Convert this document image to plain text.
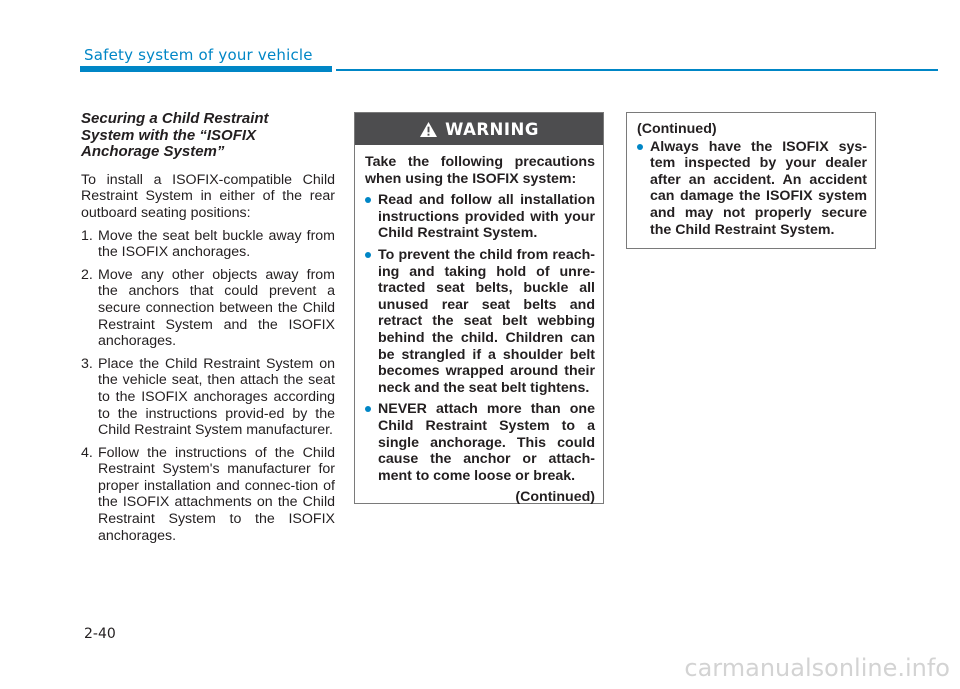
Safety system of your vehicle
Securing a Child Restraint System with the “ISOFIX Anchorage System”

To install a ISOFIX-compatible Child Restraint System in either of the rear outboard seating positions:

1. Move the seat belt buckle away from the ISOFIX anchorages.
2. Move any other objects away from the anchors that could prevent a secure connection between the Child Restraint System and the ISOFIX anchorages.
3. Place the Child Restraint System on the vehicle seat, then attach the seat to the ISOFIX anchorages according to the instructions provid-ed by the Child Restraint System manufacturer.
4. Follow the instructions of the Child Restraint System's manufacturer for proper installation and connec-tion of the ISOFIX attachments on the Child Restraint System to the ISOFIX anchorages.
WARNING

Take the following precautions when using the ISOFIX system:

Read and follow all installation instructions provided with your Child Restraint System.
To prevent the child from reach-ing and taking hold of unre-tracted seat belts, buckle all unused rear seat belts and retract the seat belt webbing behind the child. Children can be strangled if a shoulder belt becomes wrapped around their neck and the seat belt tightens.
NEVER attach more than one Child Restraint System to a single anchorage. This could cause the anchor or attach-ment to come loose or break.
(Continued)
(Continued)
Always have the ISOFIX sys-tem inspected by your dealer after an accident. An accident can damage the ISOFIX system and may not properly secure the Child Restraint System.
2-40
carmanualsonline.info
